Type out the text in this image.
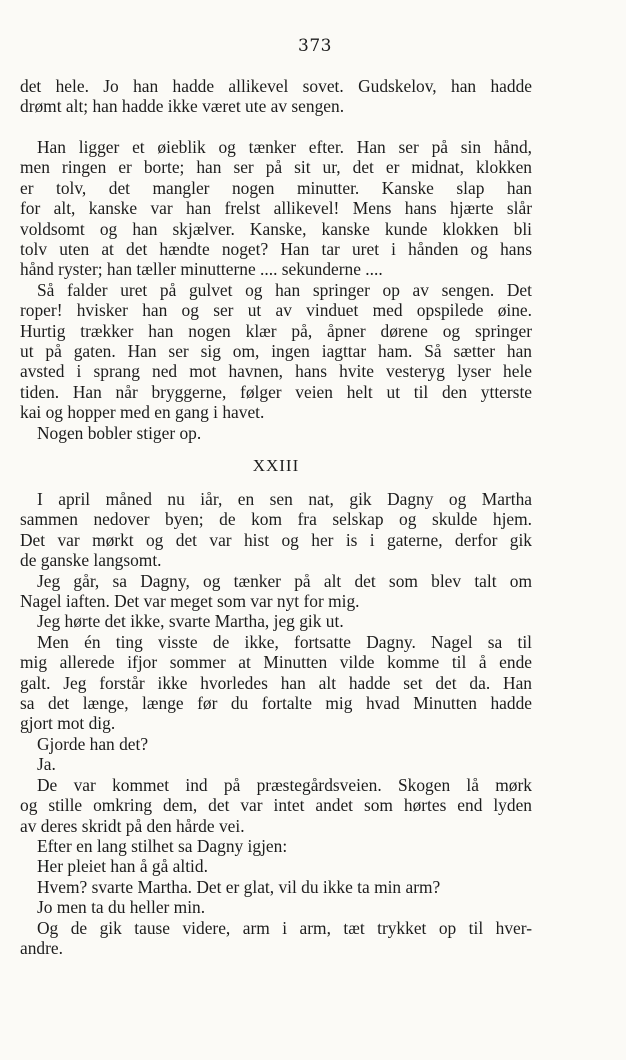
373
det hele. Jo han hadde allikevel sovet. Gudskelov, han hadde
drømt alt; han hadde ikke været ute av sengen.
Han ligger et øieblik og tænker efter. Han ser på sin hånd,
men ringen er borte; han ser på sit ur, det er midnat, klokken
er tolv, det mangler nogen minutter. Kanske slap han
for alt, kanske var han frelst allikevel! Mens hans hjærte slår
voldsomt og han skjælver. Kanske, kanske kunde klokken bli
tolv uten at det hændte noget? Han tar uret i hånden og hans
hånd ryster; han tæller minutterne .... sekunderne ....
Så falder uret på gulvet og han springer op av sengen. Det
roper! hvisker han og ser ut av vinduet med opspilede øine.
Hurtig trækker han nogen klær på, åpner dørene og springer
ut på gaten. Han ser sig om, ingen iagttar ham. Så sætter han
avsted i sprang ned mot havnen, hans hvite vesteryg lyser hele
tiden. Han når bryggerne, følger veien helt ut til den ytterste
kai og hopper med en gang i havet.
Nogen bobler stiger op.
XXIII
I april måned nu iår, en sen nat, gik Dagny og Martha
sammen nedover byen; de kom fra selskap og skulde hjem.
Det var mørkt og det var hist og her is i gaterne, derfor gik
de ganske langsomt.
Jeg går, sa Dagny, og tænker på alt det som blev talt om
Nagel iaften. Det var meget som var nyt for mig.
Jeg hørte det ikke, svarte Martha, jeg gik ut.
Men én ting visste de ikke, fortsatte Dagny. Nagel sa til
mig allerede ifjor sommer at Minutten vilde komme til å ende
galt. Jeg forstår ikke hvorledes han alt hadde set det da. Han
sa det længe, længe før du fortalte mig hvad Minutten hadde
gjort mot dig.
Gjorde han det?
Ja.
De var kommet ind på præstegårdsveien. Skogen lå mørk
og stille omkring dem, det var intet andet som hørtes end lyden
av deres skridt på den hårde vei.
Efter en lang stilhet sa Dagny igjen:
Her pleiet han å gå altid.
Hvem? svarte Martha. Det er glat, vil du ikke ta min arm?
Jo men ta du heller min.
Og de gik tause videre, arm i arm, tæt trykket op til hver-
andre.
